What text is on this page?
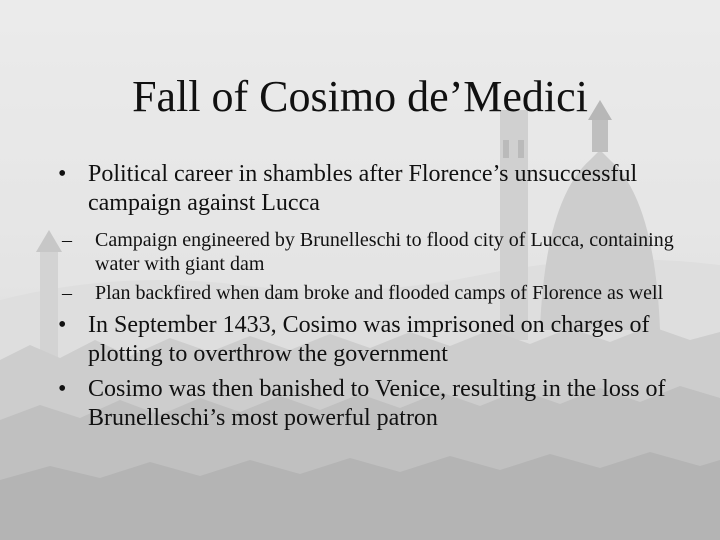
Fall of Cosimo de’Medici
• Political career in shambles after Florence’s unsuccessful campaign against Lucca
– Campaign engineered by Brunelleschi to flood city of Lucca, containing water with giant dam
– Plan backfired when dam broke and flooded camps of Florence as well
• In September 1433, Cosimo was imprisoned on charges of plotting to overthrow the government
• Cosimo was then banished to Venice, resulting in the loss of Brunelleschi’s most powerful patron
